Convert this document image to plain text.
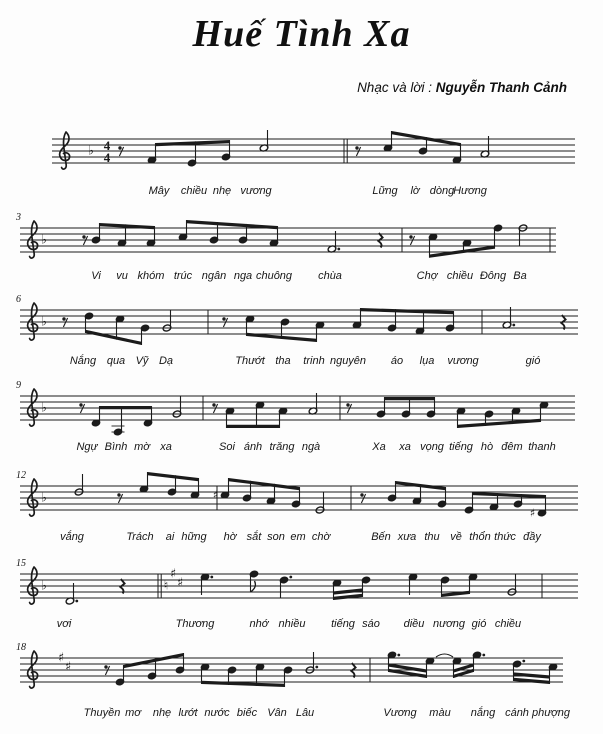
Huế Tình Xa
Nhạc và lời : Nguyễn Thanh Cảnh
♭ 4
4
♭
♭
♭
♭	♯
♯
♭	♮
♯
♯
♯
♯
Mây chiều nhẹ vương	Lững lờ dòng
Hương
3
Vi vu khóm trúc ngân nga chuông chùa	Chợ chiều Đông Ba
6
Nắng qua Vỹ Dạ	Thướt tha trinh nguyên áo lụa vương	gió
9
Ngự Bình mờ xa	Soi ánh trăng ngà	Xa xa vọng tiếng hò đêm thanh
12
vắng	Trách ai hững hờ sắt son em chờ	Bến xưa thu về thổn thức đầy
15
vơi	Thương	nhớ nhiều tiếng sáo diều nương gió chiều
18
Thuyền mơ nhẹ lướt nước biếc Vân Lâu	Vương màu nắng cánh phượng
